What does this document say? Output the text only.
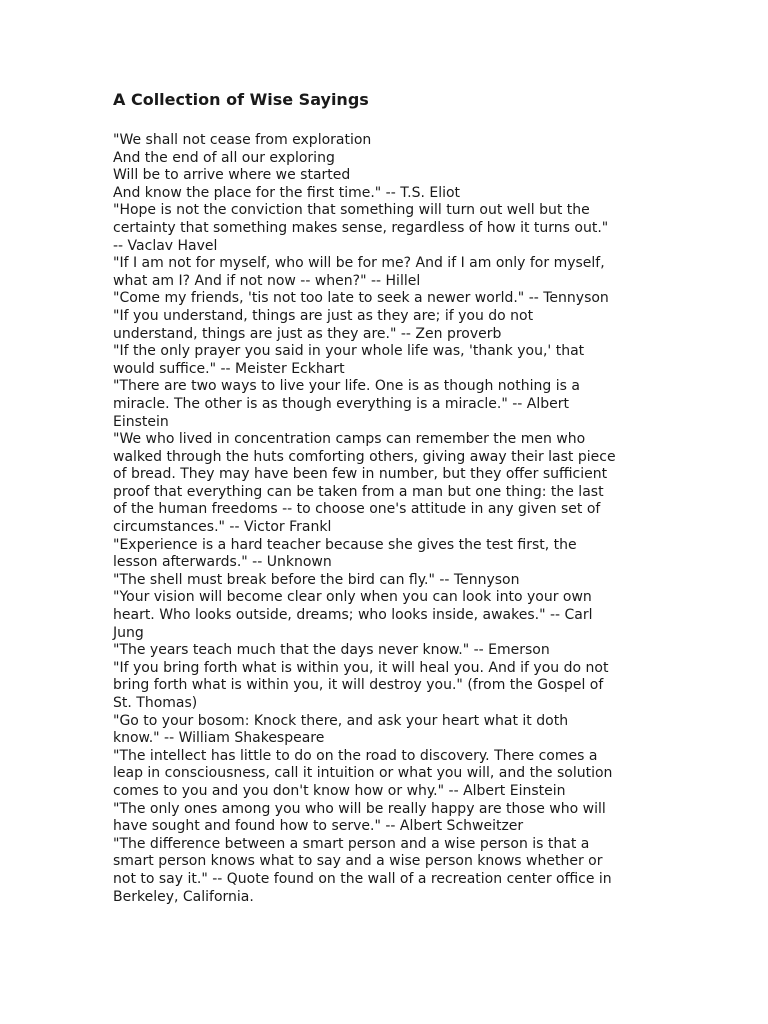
A Collection of Wise Sayings
"We shall not cease from exploration
And the end of all our exploring
Will be to arrive where we started
And know the place for the first time." -- T.S. Eliot
"Hope is not the conviction that something will turn out well but the
certainty that something makes sense, regardless of how it turns out."
-- Vaclav Havel
"If I am not for myself, who will be for me? And if I am only for myself,
what am I? And if not now -- when?" -- Hillel
"Come my friends, 'tis not too late to seek a newer world." -- Tennyson
"If you understand, things are just as they are; if you do not
understand, things are just as they are." -- Zen proverb
"If the only prayer you said in your whole life was, 'thank you,' that
would suffice." -- Meister Eckhart
"There are two ways to live your life. One is as though nothing is a
miracle. The other is as though everything is a miracle." -- Albert
Einstein
"We who lived in concentration camps can remember the men who
walked through the huts comforting others, giving away their last piece
of bread. They may have been few in number, but they offer sufficient
proof that everything can be taken from a man but one thing: the last
of the human freedoms -- to choose one's attitude in any given set of
circumstances." -- Victor Frankl
"Experience is a hard teacher because she gives the test first, the
lesson afterwards." -- Unknown
"The shell must break before the bird can fly." -- Tennyson
"Your vision will become clear only when you can look into your own
heart. Who looks outside, dreams; who looks inside, awakes." -- Carl
Jung
"The years teach much that the days never know." -- Emerson
"If you bring forth what is within you, it will heal you. And if you do not
bring forth what is within you, it will destroy you." (from the Gospel of
St. Thomas)
"Go to your bosom: Knock there, and ask your heart what it doth
know." -- William Shakespeare
"The intellect has little to do on the road to discovery. There comes a
leap in consciousness, call it intuition or what you will, and the solution
comes to you and you don't know how or why." -- Albert Einstein
"The only ones among you who will be really happy are those who will
have sought and found how to serve." -- Albert Schweitzer
"The difference between a smart person and a wise person is that a
smart person knows what to say and a wise person knows whether or
not to say it." -- Quote found on the wall of a recreation center office in
Berkeley, California.
